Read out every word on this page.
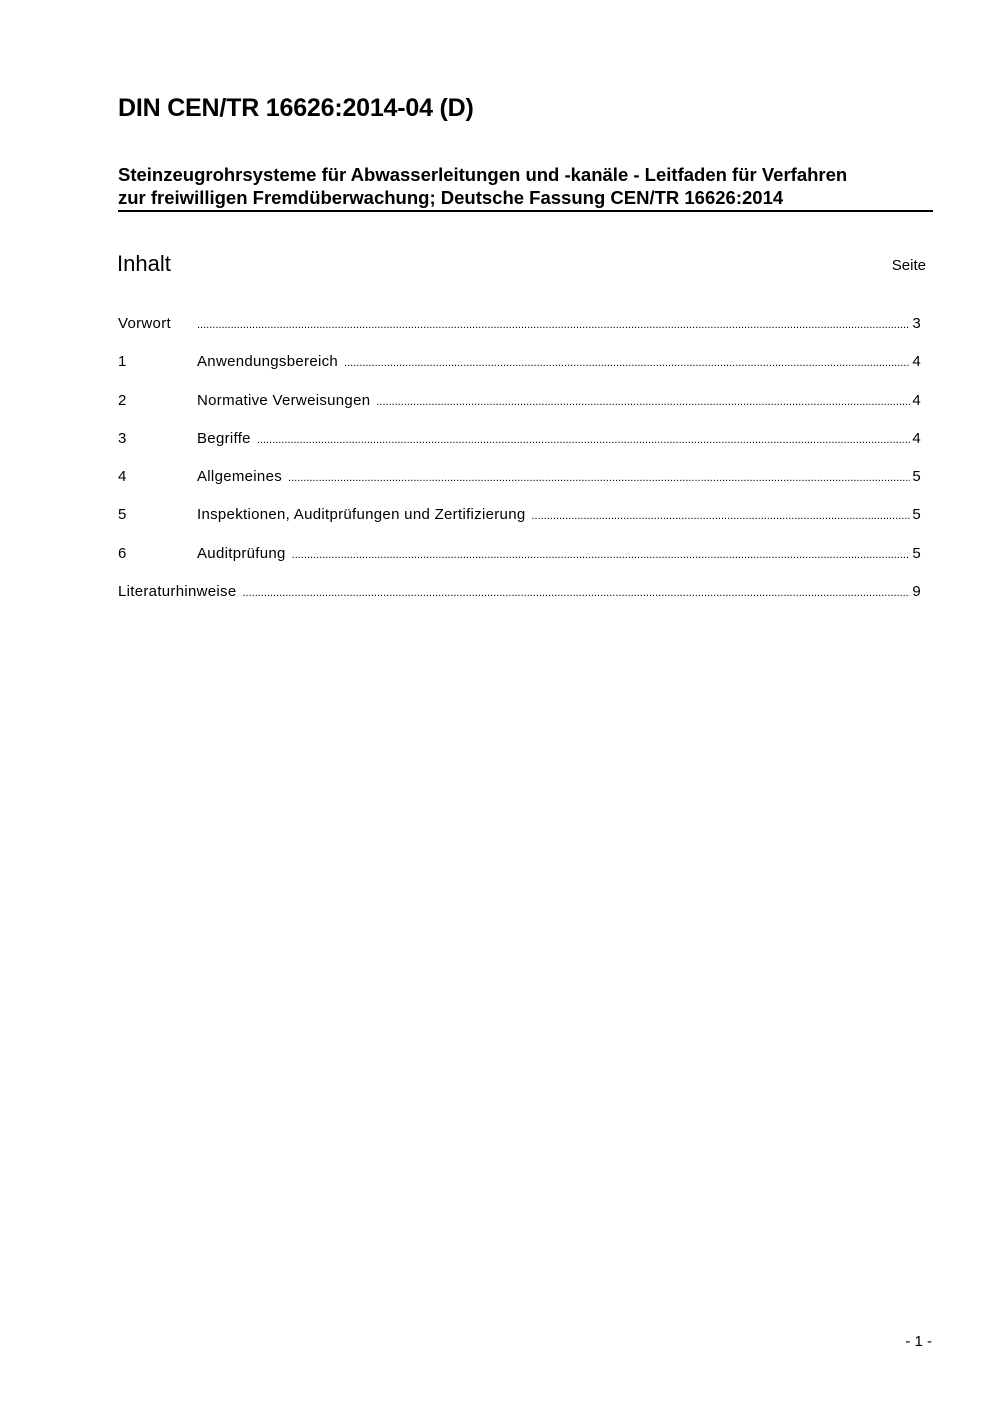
DIN CEN/TR 16626:2014-04 (D)
Steinzeugrohrsysteme für Abwasserleitungen und -kanäle - Leitfaden für Verfahren
zur freiwilligen Fremdüberwachung; Deutsche Fassung CEN/TR 16626:2014
Inhalt	Seite
Vorwort .....	3
1	Anwendungsbereich .....	4
2	Normative Verweisungen .....	4
3	Begriffe .....	4
4	Allgemeines .....	5
5	Inspektionen, Auditprüfungen und Zertifizierung .....	5
6	Auditprüfung .....	5
Literaturhinweise .....	9
- 1 -
